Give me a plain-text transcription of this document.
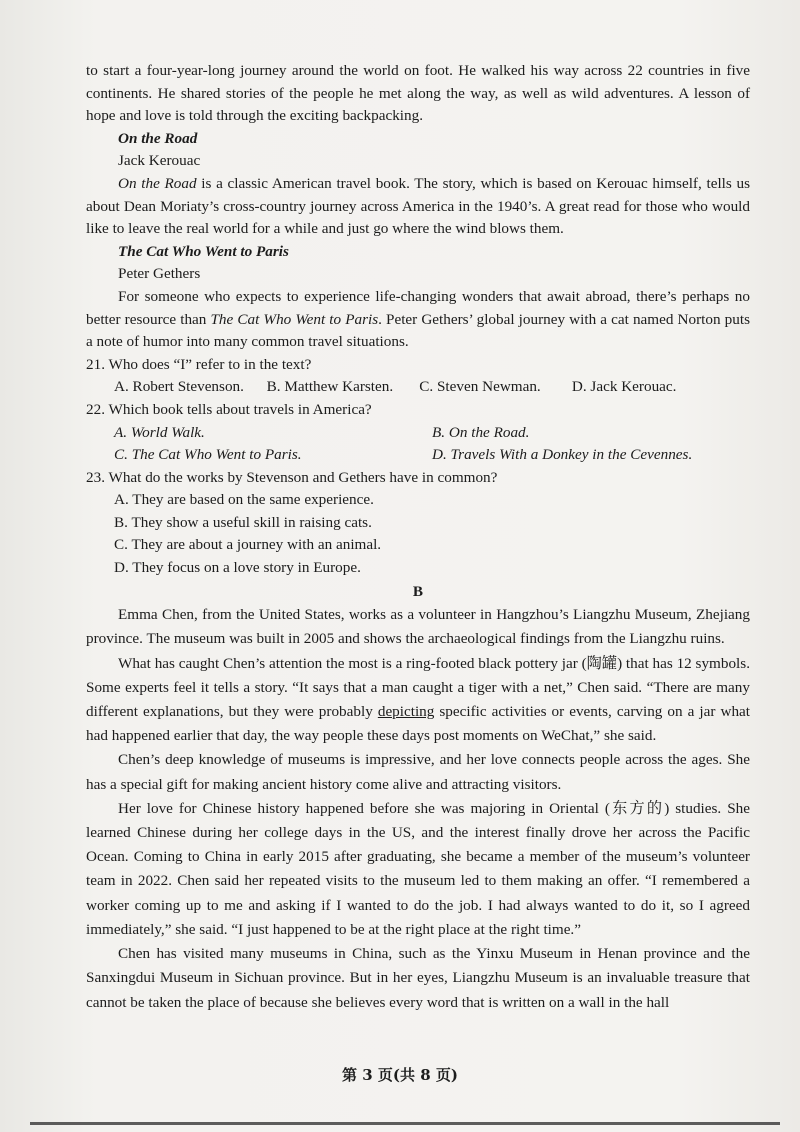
to start a four-year-long journey around the world on foot. He walked his way across 22 countries in five continents. He shared stories of the people he met along the way, as well as wild adventures. A lesson of hope and love is told through the exciting backpacking.

On the Road
Jack Kerouac

On the Road is a classic American travel book. The story, which is based on Kerouac himself, tells us about Dean Moriaty’s cross-country journey across America in the 1940’s. A great read for those who would like to leave the real world for a while and just go where the wind blows them.

The Cat Who Went to Paris
Peter Gethers

For someone who expects to experience life-changing wonders that await abroad, there’s perhaps no better resource than The Cat Who Went to Paris. Peter Gethers’ global journey with a cat named Norton puts a note of humor into many common travel situations.

21. Who does “I” refer to in the text?
A. Robert Stevenson.	B. Matthew Karsten.	C. Steven Newman.	D. Jack Kerouac.
22. Which book tells about travels in America?
A. World Walk.	B. On the Road.
C. The Cat Who Went to Paris.	D. Travels With a Donkey in the Cevennes.
23. What do the works by Stevenson and Gethers have in common?
A. They are based on the same experience.
B. They show a useful skill in raising cats.
C. They are about a journey with an animal.
D. They focus on a love story in Europe.
B

Emma Chen, from the United States, works as a volunteer in Hangzhou’s Liangzhu Museum, Zhejiang province. The museum was built in 2005 and shows the archaeological findings from the Liangzhu ruins.

What has caught Chen’s attention the most is a ring-footed black pottery jar (陶罐) that has 12 symbols. Some experts feel it tells a story. “It says that a man caught a tiger with a net,” Chen said. “There are many different explanations, but they were probably depicting specific activities or events, carving on a jar what had happened earlier that day, the way people these days post moments on WeChat,” she said.

Chen’s deep knowledge of museums is impressive, and her love connects people across the ages. She has a special gift for making ancient history come alive and attracting visitors.

Her love for Chinese history happened before she was majoring in Oriental (东方的) studies. She learned Chinese during her college days in the US, and the interest finally drove her across the Pacific Ocean. Coming to China in early 2015 after graduating, she became a member of the museum’s volunteer team in 2022. Chen said her repeated visits to the museum led to them making an offer. “I remembered a worker coming up to me and asking if I wanted to do the job. I had always wanted to do it, so I agreed immediately,” she said. “I just happened to be at the right place at the right time.”

Chen has visited many museums in China, such as the Yinxu Museum in Henan province and the Sanxingdui Museum in Sichuan province. But in her eyes, Liangzhu Museum is an invaluable treasure that cannot be taken the place of because she believes every word that is written on a wall in the hall

第 3 页(共 8 页)
